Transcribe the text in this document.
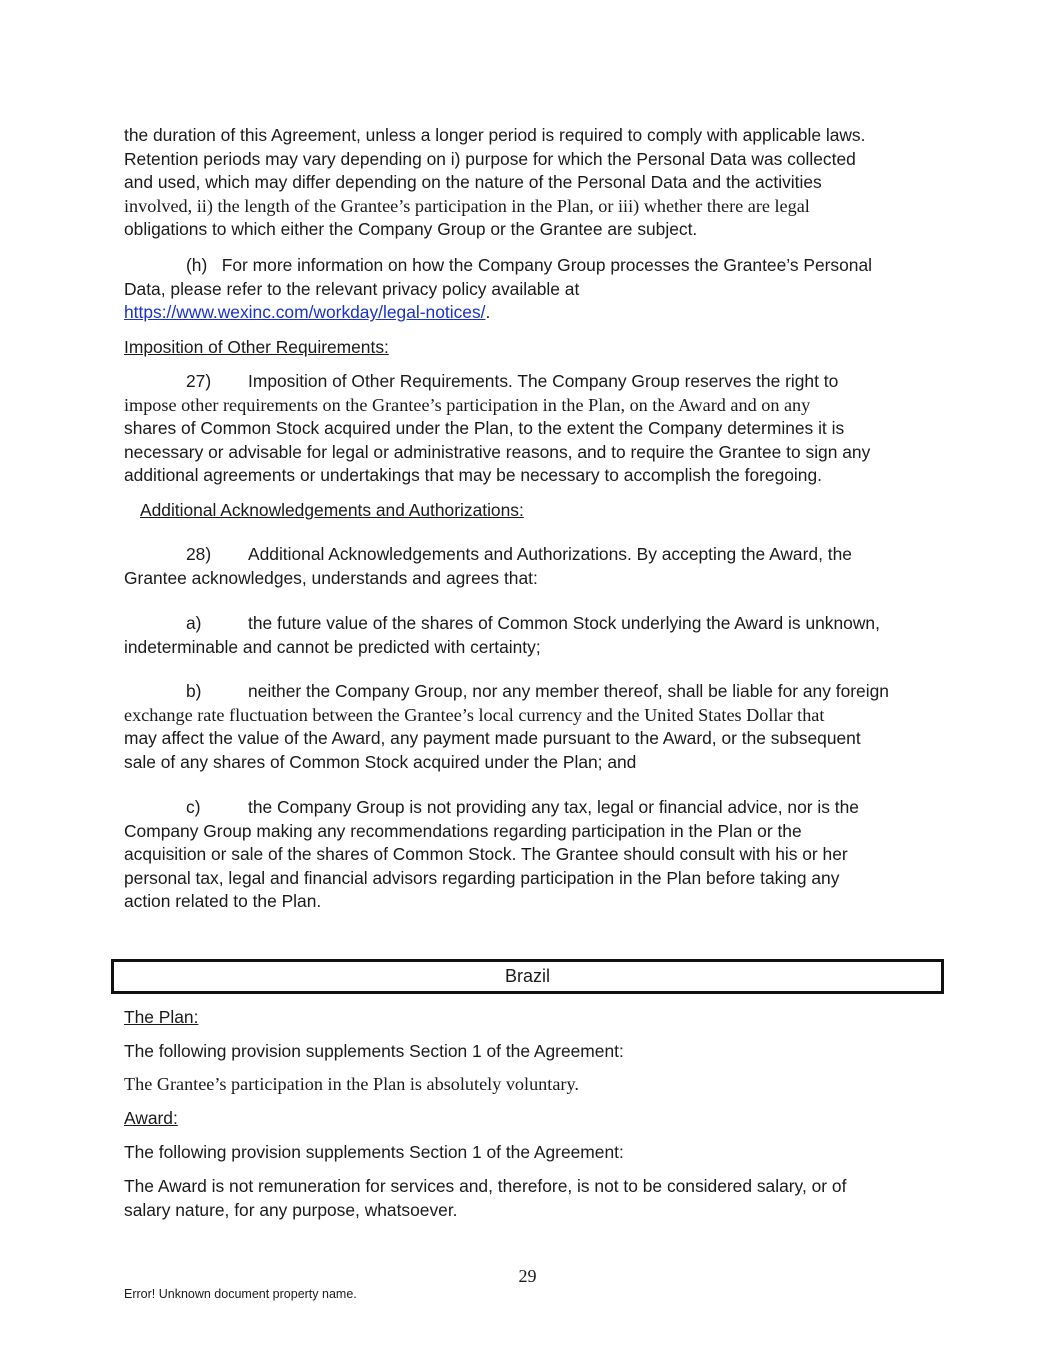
the duration of this Agreement, unless a longer period is required to comply with applicable laws.

Retention periods may vary depending on i) purpose for which the Personal Data was collected

and used, which may differ depending on the nature of the Personal Data and the activities

involved, ii) the length of the Grantee’s participation in the Plan, or iii) whether there are legal

obligations to which either the Company Group or the Grantee are subject.

(h) For more information on how the Company Group processes the Grantee’s Personal

Data, please refer to the relevant privacy policy available at

https://www.wexinc.com/workday/legal-notices/.

Imposition of Other Requirements:

27) Imposition of Other Requirements. The Company Group reserves the right to

impose other requirements on the Grantee’s participation in the Plan, on the Award and on any

shares of Common Stock acquired under the Plan, to the extent the Company determines it is

necessary or advisable for legal or administrative reasons, and to require the Grantee to sign any

additional agreements or undertakings that may be necessary to accomplish the foregoing.

Additional Acknowledgements and Authorizations:

28) Additional Acknowledgements and Authorizations. By accepting the Award, the

Grantee acknowledges, understands and agrees that:

a)	the future value of the shares of Common Stock underlying the Award is unknown,

indeterminable and cannot be predicted with certainty;

b)	neither the Company Group, nor any member thereof, shall be liable for any foreign

exchange rate fluctuation between the Grantee’s local currency and the United States Dollar that

may affect the value of the Award, any payment made pursuant to the Award, or the subsequent

sale of any shares of Common Stock acquired under the Plan; and

c)	the Company Group is not providing any tax, legal or financial advice, nor is the

Company Group making any recommendations regarding participation in the Plan or the

acquisition or sale of the shares of Common Stock. The Grantee should consult with his or her

personal tax, legal and financial advisors regarding participation in the Plan before taking any

action related to the Plan.

Brazil

The Plan:

The following provision supplements Section 1 of the Agreement:

The Grantee’s participation in the Plan is absolutely voluntary.

Award:

The following provision supplements Section 1 of the Agreement:

The Award is not remuneration for services and, therefore, is not to be considered salary, or of

salary nature, for any purpose, whatsoever.

29
Error! Unknown document property name.
